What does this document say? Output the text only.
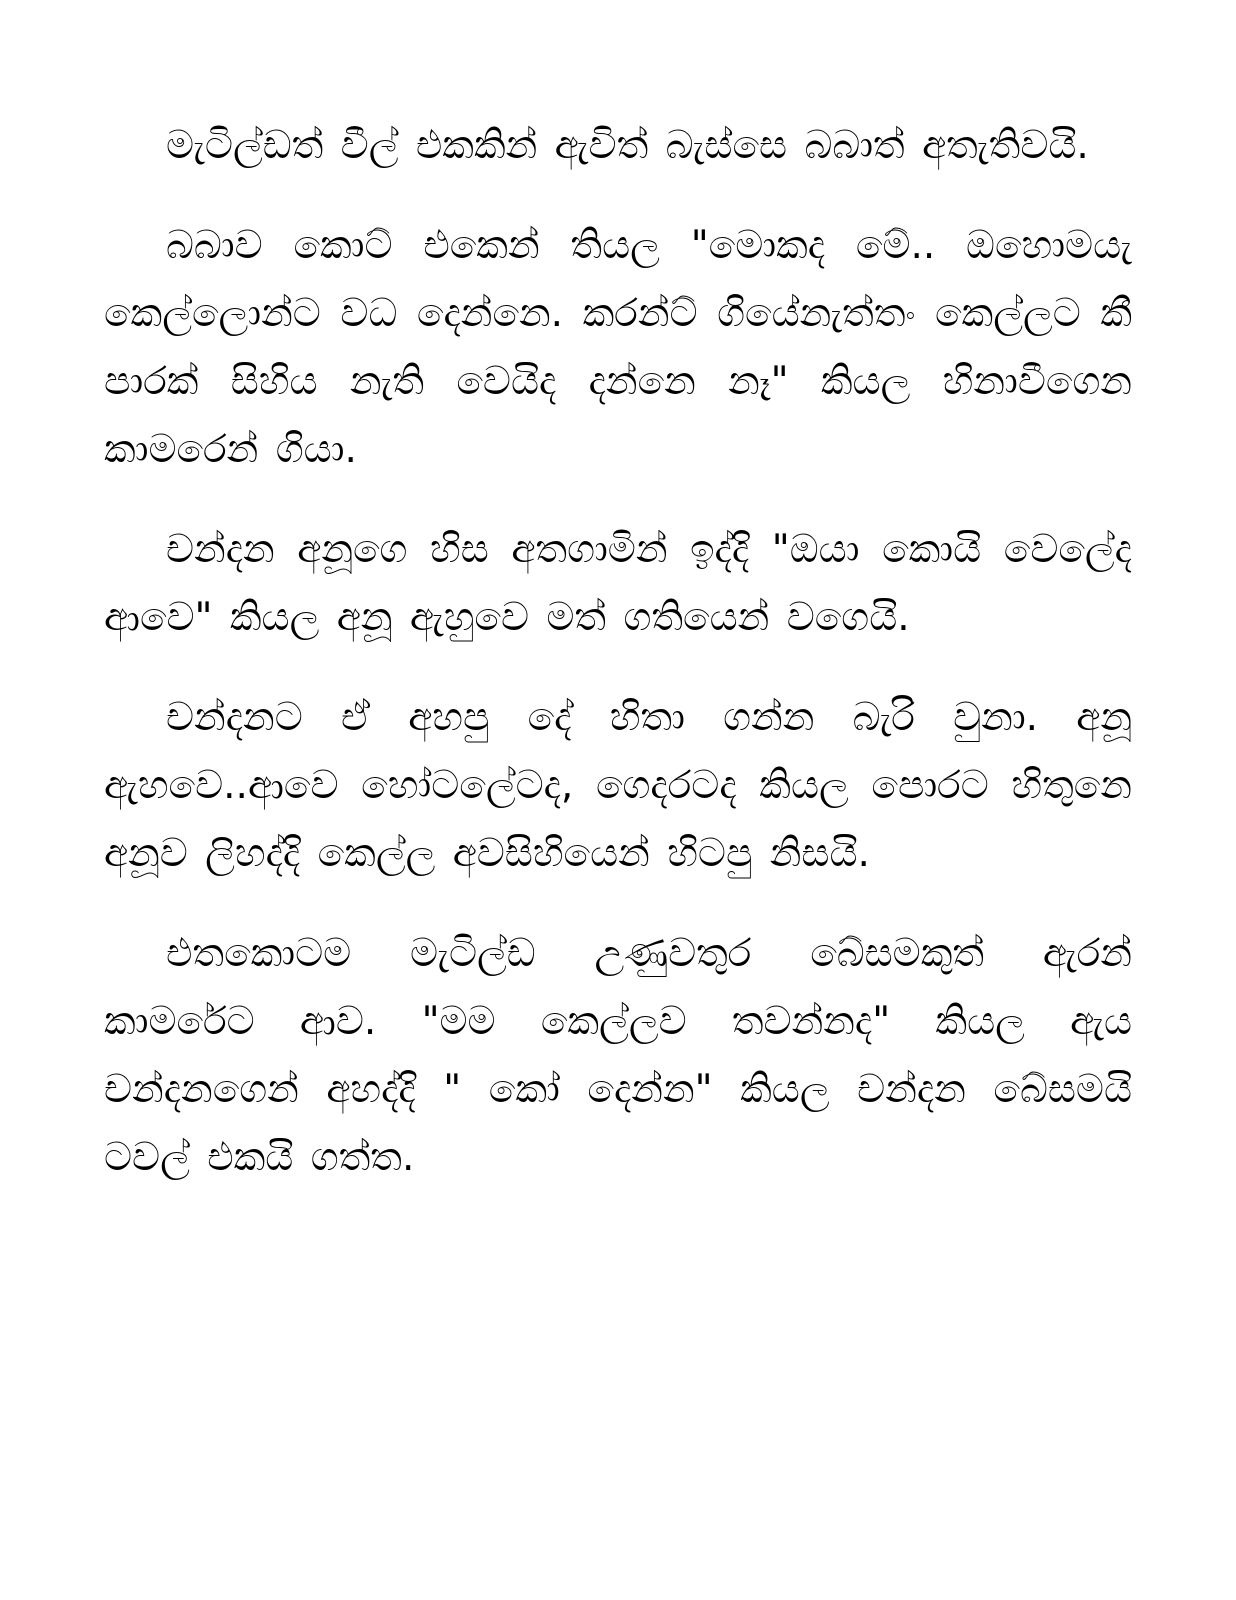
මැටිල්ඩත් වීල් එකකින් ඇවිත් බැස්සෙ බබාත් අතැතිවයි.

බබාව කොට් එකෙන් තියල "මොකද මේ.. ඔහොමයැ කෙල්ලොන්ට වධ දෙන්නෙ. කරන්ට් ගියේනැත්තං කෙල්ලට කී පාරක් සිහිය නැති වෙයිද දන්නෙ නෑ" කියල හිනාවීගෙන කාමරෙන් ගියා.

චන්දන අනූගෙ හිස අතගාමින් ඉද්දි "ඔයා කොයි වෙලේද ආවෙ" කියල අනූ ඇහුවෙ මත් ගතියෙන් වගෙයි.

චන්දනට ඒ අහපු දේ හිතා ගන්න බැරි වුනා. අනූ ඇහවෙ..ආවෙ හෝටලේටද, ගෙදරටද කියල පොරට හිතුනෙ අනූව ලිහද්දි කෙල්ල අවසිහියෙන් හිටපු නිසයි.

එතකොටම මැටිල්ඩ උණුවතුර බේසමකුත් ඇරන් කාමරේට ආව. "මම කෙල්ලව තවන්නද" කියල ඇය චන්දනගෙන් අහද්දි " කෝ දෙන්න" කියල චන්දන බේසමයි ටවල් එකයි ගත්ත.
